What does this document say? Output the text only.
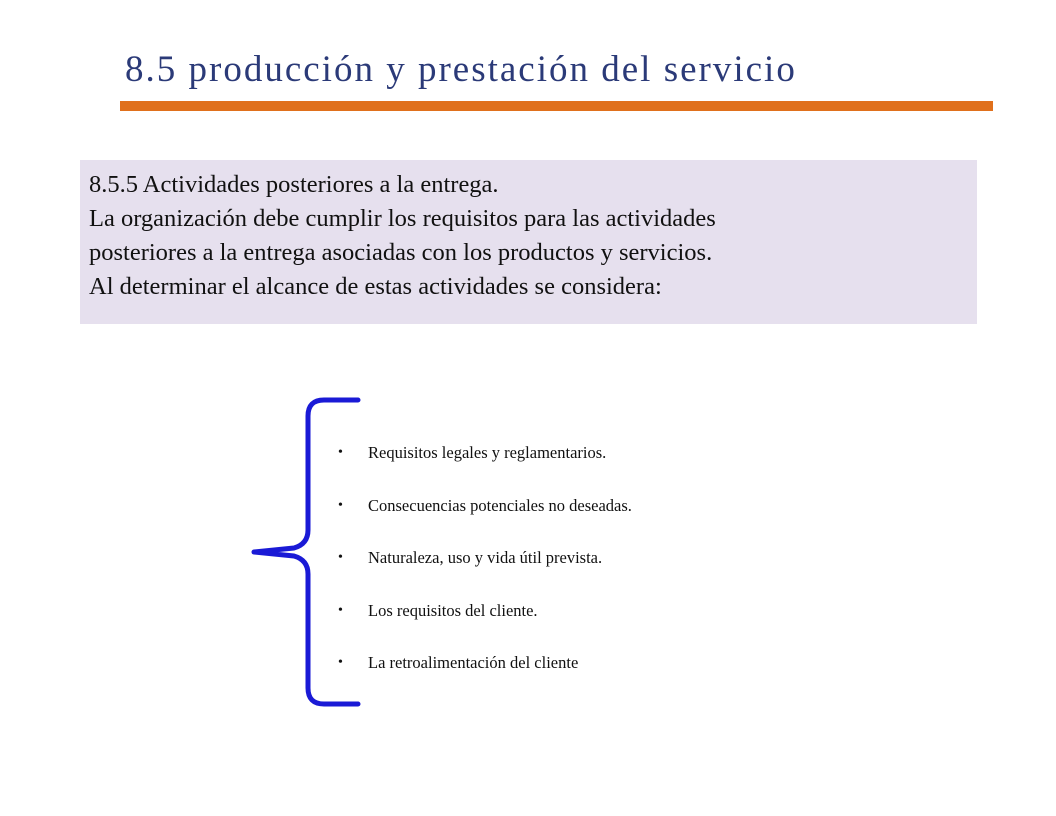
8.5 producción y prestación del servicio
8.5.5 Actividades posteriores a la entrega.
La organización debe cumplir los requisitos para las actividades
posteriores a la entrega asociadas con los productos y servicios.
Al determinar el alcance de estas actividades se considera:
• Requisitos legales y reglamentarios.
• Consecuencias potenciales no deseadas.
• Naturaleza, uso y vida útil prevista.
• Los requisitos del cliente.
• La retroalimentación del cliente
